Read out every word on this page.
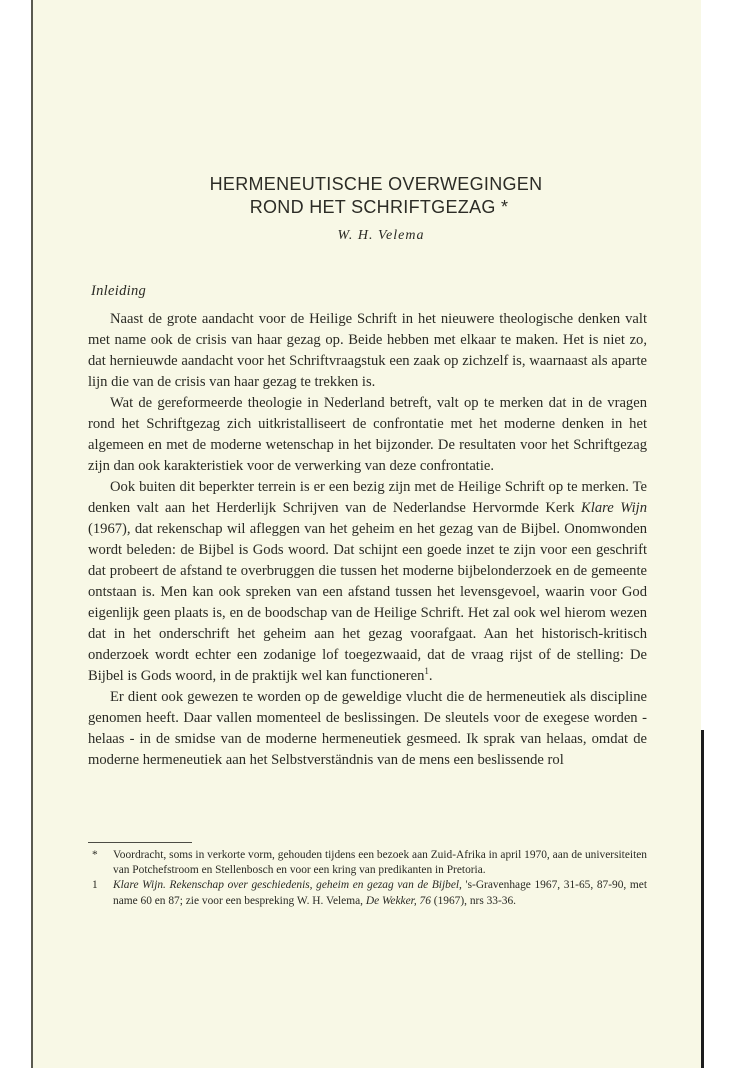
HERMENEUTISCHE OVERWEGINGEN
ROND HET SCHRIFTGEZAG *
W. H. Velema
Inleiding

Naast de grote aandacht voor de Heilige Schrift in het nieuwere theologische denken valt met name ook de crisis van haar gezag op. Beide hebben met elkaar te maken. Het is niet zo, dat hernieuwde aandacht voor het Schriftvraagstuk een zaak op zichzelf is, waarnaast als aparte lijn die van de crisis van haar gezag te trekken is.

Wat de gereformeerde theologie in Nederland betreft, valt op te merken dat in de vragen rond het Schriftgezag zich uitkristalliseert de confrontatie met het moderne denken in het algemeen en met de moderne wetenschap in het bijzonder. De resultaten voor het Schriftgezag zijn dan ook karakteristiek voor de verwerking van deze confrontatie.

Ook buiten dit beperkter terrein is er een bezig zijn met de Heilige Schrift op te merken. Te denken valt aan het Herderlijk Schrijven van de Nederlandse Hervormde Kerk Klare Wijn (1967), dat rekenschap wil afleggen van het geheim en het gezag van de Bijbel. Onomwonden wordt beleden: de Bijbel is Gods woord. Dat schijnt een goede inzet te zijn voor een geschrift dat probeert de afstand te overbruggen die tussen het moderne bijbelonderzoek en de gemeente ontstaan is. Men kan ook spreken van een afstand tussen het levensgevoel, waarin voor God eigenlijk geen plaats is, en de boodschap van de Heilige Schrift. Het zal ook wel hierom wezen dat in het onderschrift het geheim aan het gezag voorafgaat. Aan het historisch-kritisch onderzoek wordt echter een zodanige lof toegezwaaid, dat de vraag rijst of de stelling: De Bijbel is Gods woord, in de praktijk wel kan functioneren$^1$.

Er dient ook gewezen te worden op de geweldige vlucht die de hermeneutiek als discipline genomen heeft. Daar vallen momenteel de beslissingen. De sleutels voor de exegese worden - helaas - in de smidse van de moderne hermeneutiek gesmeed. Ik sprak van helaas, omdat de moderne hermeneutiek aan het Selbstverständnis van de mens een beslissende rol

*	Voordracht, soms in verkorte vorm, gehouden tijdens een bezoek aan Zuid-Afrika in april 1970, aan de universiteiten van Potchefstroom en Stellenbosch en voor een kring van predikanten in Pretoria.
1	Klare Wijn. Rekenschap over geschiedenis, geheim en gezag van de Bijbel, 's-Gravenhage 1967, 31-65, 87-90, met name 60 en 87; zie voor een bespreking W. H. Velema, De Wekker, 76 (1967), nrs 33-36.
